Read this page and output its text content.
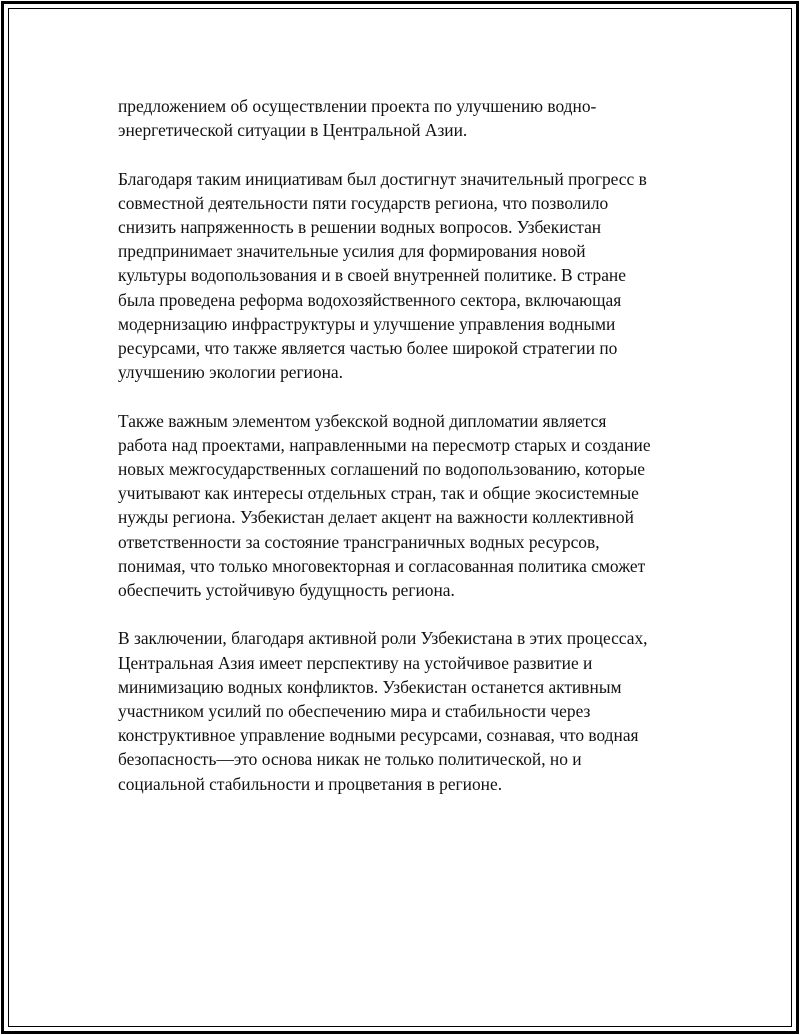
предложением об осуществлении проекта по улучшению водно-
энергетической ситуации в Центральной Азии.

Благодаря таким инициативам был достигнут значительный прогресс в
совместной деятельности пяти государств региона, что позволило
снизить напряженность в решении водных вопросов. Узбекистан
предпринимает значительные усилия для формирования новой
культуры водопользования и в своей внутренней политике. В стране
была проведена реформа водохозяйственного сектора, включающая
модернизацию инфраструктуры и улучшение управления водными
ресурсами, что также является частью более широкой стратегии по
улучшению экологии региона.

Также важным элементом узбекской водной дипломатии является
работа над проектами, направленными на пересмотр старых и создание
новых межгосударственных соглашений по водопользованию, которые
учитывают как интересы отдельных стран, так и общие экосистемные
нужды региона. Узбекистан делает акцент на важности коллективной
ответственности за состояние трансграничных водных ресурсов,
понимая, что только многовекторная и согласованная политика сможет
обеспечить устойчивую будущность региона.

В заключении, благодаря активной роли Узбекистана в этих процессах,
Центральная Азия имеет перспективу на устойчивое развитие и
минимизацию водных конфликтов. Узбекистан останется активным
участником усилий по обеспечению мира и стабильности через
конструктивное управление водными ресурсами, сознавая, что водная
безопасность—это основа никак не только политической, но и
социальной стабильности и процветания в регионе.
